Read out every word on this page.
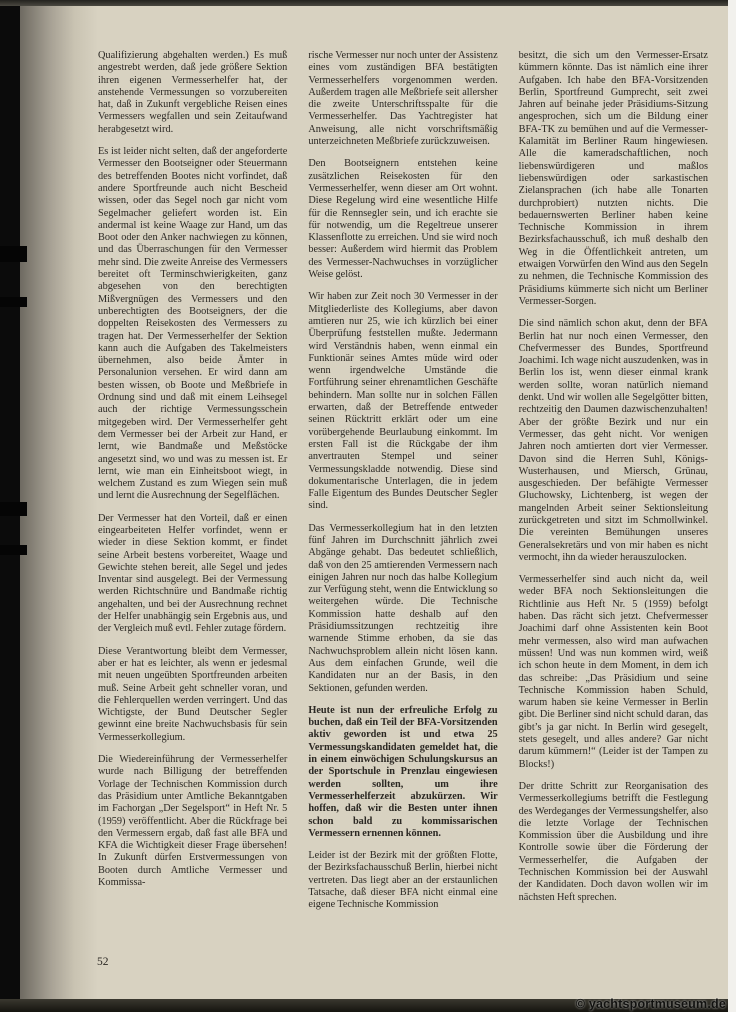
Qualifizierung abgehalten werden.) Es muß angestrebt werden, daß jede größere Sektion ihren eigenen Vermesserhelfer hat, der anstehende Vermessungen so vorzubereiten hat, daß in Zukunft vergebliche Reisen eines Vermessers wegfallen und sein Zeitaufwand herabgesetzt wird.

Es ist leider nicht selten, daß der angeforderte Vermesser den Bootseigner oder Steuermann des betreffenden Bootes nicht vorfindet, daß andere Sportfreunde auch nicht Bescheid wissen, oder das Segel noch gar nicht vom Segelmacher geliefert worden ist. Ein andermal ist keine Waage zur Hand, um das Boot oder den Anker nachwiegen zu können, und das Überraschungen für den Vermesser mehr sind. Die zweite Anreise des Vermessers bereitet oft Terminschwierigkeiten, ganz abgesehen von den berechtigten Mißvergnügen des Vermessers und den unberechtigten des Bootseigners, der die doppelten Reisekosten des Vermessers zu tragen hat. Der Vermesserhelfer der Sektion kann auch die Aufgaben des Takelmeisters übernehmen, also beide Ämter in Personalunion versehen. Er wird dann am besten wissen, ob Boote und Meßbriefe in Ordnung sind und daß mit einem Leihsegel auch der richtige Vermessungsschein mitgegeben wird. Der Vermesserhelfer geht dem Vermesser bei der Arbeit zur Hand, er lernt, wie Bandmaße und Meßstöcke angesetzt sind, wo und was zu messen ist. Er lernt, wie man ein Einheitsboot wiegt, in welchem Zustand es zum Wiegen sein muß und lernt die Ausrechnung der Segelflächen.

Der Vermesser hat den Vorteil, daß er einen eingearbeiteten Helfer vorfindet, wenn er wieder in diese Sektion kommt, er findet seine Arbeit bestens vorbereitet, Waage und Gewichte stehen bereit, alle Segel und jedes Inventar sind ausgelegt. Bei der Vermessung werden Richtschnüre und Bandmaße richtig angehalten, und bei der Ausrechnung rechnet der Helfer unabhängig sein Ergebnis aus, und der Vergleich muß evtl. Fehler zutage fördern.

Diese Verantwortung bleibt dem Vermesser, aber er hat es leichter, als wenn er jedesmal mit neuen ungeübten Sportfreunden arbeiten muß. Seine Arbeit geht schneller voran, und die Fehlerquellen werden verringert. Und das Wichtigste, der Bund Deutscher Segler gewinnt eine breite Nachwuchsbasis für sein Vermesserkollegium.

Die Wiedereinführung der Vermesserhelfer wurde nach Billigung der betreffenden Vorlage der Technischen Kommission durch das Präsidium unter Amtliche Bekanntgaben im Fachorgan „Der Segelsport“ in Heft Nr. 5 (1959) veröffentlicht. Aber die Rückfrage bei den Vermessern ergab, daß fast alle BFA und KFA die Wichtigkeit dieser Frage übersehen! In Zukunft dürfen Erstvermessungen von Booten durch Amtliche Vermesser und Kommissa-

rische Vermesser nur noch unter der Assistenz eines vom zuständigen BFA bestätigten Vermesserhelfers vorgenommen werden. Außerdem tragen alle Meßbriefe seit allersher die zweite Unterschriftsspalte für die Vermesserhelfer. Das Yachtregister hat Anweisung, alle nicht vorschriftsmäßig unterzeichneten Meßbriefe zurückzuweisen.

Den Bootseignern entstehen keine zusätzlichen Reisekosten für den Vermesserhelfer, wenn dieser am Ort wohnt. Diese Regelung wird eine wesentliche Hilfe für die Rennsegler sein, und ich erachte sie für notwendig, um die Regeltreue unserer Klassenflotte zu erreichen. Und sie wird noch besser: Außerdem wird hiermit das Problem des Vermesser-Nachwuchses in vorzüglicher Weise gelöst.

Wir haben zur Zeit noch 30 Vermesser in der Mitgliederliste des Kollegiums, aber davon amtieren nur 25, wie ich kürzlich bei einer Überprüfung feststellen mußte. Jedermann wird Verständnis haben, wenn einmal ein Funktionär seines Amtes müde wird oder wenn irgendwelche Umstände die Fortführung seiner ehrenamtlichen Geschäfte behindern. Man sollte nur in solchen Fällen erwarten, daß der Betreffende entweder seinen Rücktritt erklärt oder um eine vorübergehende Beurlaubung einkommt. Im ersten Fall ist die Rückgabe der ihm anvertrauten Stempel und seiner Vermessungskladde notwendig. Diese sind dokumentarische Unterlagen, die in jedem Falle Eigentum des Bundes Deutscher Segler sind.

Das Vermesserkollegium hat in den letzten fünf Jahren im Durchschnitt jährlich zwei Abgänge gehabt. Das bedeutet schließlich, daß von den 25 amtierenden Vermessern nach einigen Jahren nur noch das halbe Kollegium zur Verfügung steht, wenn die Entwicklung so weitergehen würde. Die Technische Kommission hatte deshalb auf den Präsidiumssitzungen rechtzeitig ihre warnende Stimme erhoben, da sie das Nachwuchsproblem allein nicht lösen kann. Aus dem einfachen Grunde, weil die Kandidaten nur an der Basis, in den Sektionen, gefunden werden.

Heute ist nun der erfreuliche Erfolg zu buchen, daß ein Teil der BFA-Vorsitzenden aktiv geworden ist und etwa 25 Vermessungskandidaten gemeldet hat, die in einem einwöchigen Schulungskursus an der Sportschule in Prenzlau eingewiesen werden sollten, um ihre Vermesserhelferzeit abzukürzen. Wir hoffen, daß wir die Besten unter ihnen schon bald zu kommissarischen Vermessern ernennen können.

Leider ist der Bezirk mit der größten Flotte, der Bezirksfachausschuß Berlin, hierbei nicht vertreten. Das liegt aber an der erstaunlichen Tatsache, daß dieser BFA nicht einmal eine eigene Technische Kommission

besitzt, die sich um den Vermesser-Ersatz kümmern könnte. Das ist nämlich eine ihrer Aufgaben. Ich habe den BFA-Vorsitzenden Berlin, Sportfreund Gumprecht, seit zwei Jahren auf beinahe jeder Präsidiums-Sitzung angesprochen, sich um die Bildung einer BFA-TK zu bemühen und auf die Vermesser-Kalamität im Berliner Raum hingewiesen. Alle die kameradschaftlichen, noch liebenswürdigeren und maßlos liebenswürdigen oder sarkastischen Zielansprachen (ich habe alle Tonarten durchprobiert) nutzten nichts. Die bedauernswerten Berliner haben keine Technische Kommission in ihrem Bezirksfachausschuß, ich muß deshalb den Weg in die Öffentlichkeit antreten, um etwaigen Vorwürfen den Wind aus den Segeln zu nehmen, die Technische Kommission des Präsidiums kümmerte sich nicht um Berliner Vermesser-Sorgen.

Die sind nämlich schon akut, denn der BFA Berlin hat nur noch einen Vermesser, den Chefvermesser des Bundes, Sportfreund Joachimi. Ich wage nicht auszudenken, was in Berlin los ist, wenn dieser einmal krank werden sollte, woran natürlich niemand denkt. Und wir wollen alle Segelgötter bitten, rechtzeitig den Daumen dazwischenzuhalten! Aber der größte Bezirk und nur ein Vermesser, das geht nicht. Vor wenigen Jahren noch amtierten dort vier Vermesser. Davon sind die Herren Suhl, Königs-Wusterhausen, und Miersch, Grünau, ausgeschieden. Der befähigte Vermesser Gluchowsky, Lichtenberg, ist wegen der mangelnden Arbeit seiner Sektionsleitung zurückgetreten und sitzt im Schmollwinkel. Die vereinten Bemühungen unseres Generalsekretärs und von mir haben es nicht vermocht, ihn da wieder herauszulocken.

Vermesserhelfer sind auch nicht da, weil weder BFA noch Sektionsleitungen die Richtlinie aus Heft Nr. 5 (1959) befolgt haben. Das rächt sich jetzt. Chefvermesser Joachimi darf ohne Assistenten kein Boot mehr vermessen, also wird man aufwachen müssen! Und was nun kommen wird, weiß ich schon heute in dem Moment, in dem ich das schreibe: „Das Präsidium und seine Technische Kommission haben Schuld, warum haben sie keine Vermesser in Berlin gibt. Die Berliner sind nicht schuld daran, das gibt’s ja gar nicht. In Berlin wird gesegelt, stets gesegelt, und alles andere? Gar nicht darum kümmern!“ (Leider ist der Tampen zu Blocks!)

Der dritte Schritt zur Reorganisation des Vermesserkollegiums betrifft die Festlegung des Werdeganges der Vermessungshelfer, also die letzte Vorlage der Technischen Kommission über die Ausbildung und ihre Kontrolle sowie über die Förderung der Vermesserhelfer, die Aufgaben der Technischen Kommission bei der Auswahl der Kandidaten. Doch davon wollen wir im nächsten Heft sprechen.

52
© yachtsportmuseum.de
